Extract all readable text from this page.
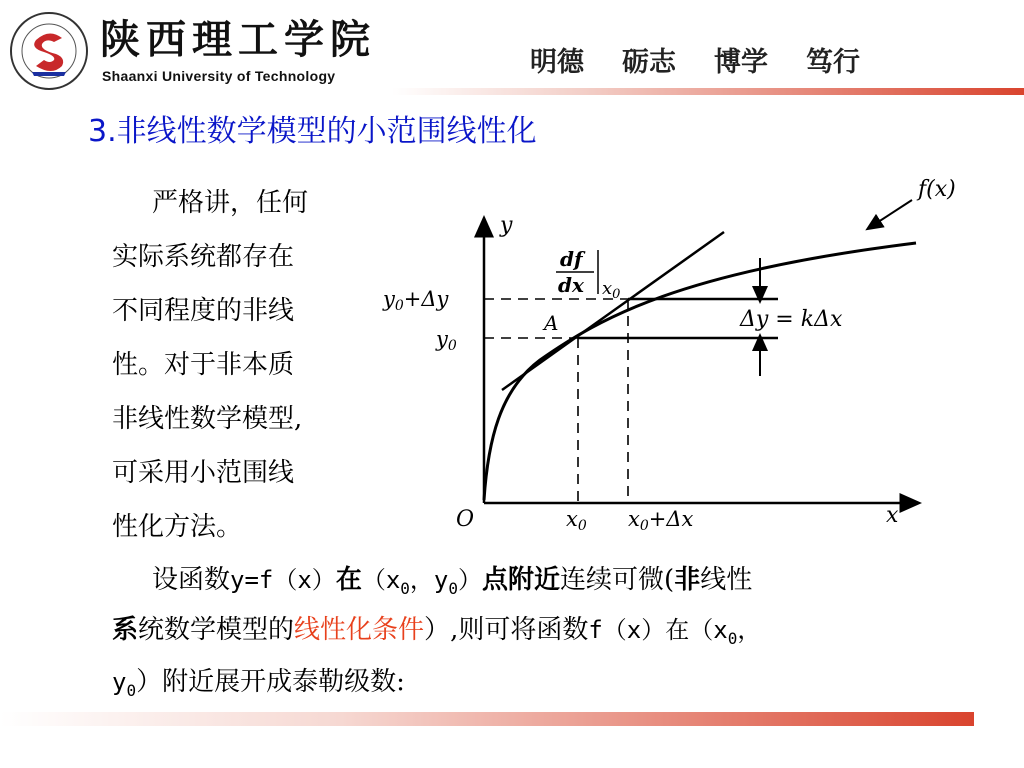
陕西理工学院
Shaanxi University of Technology	明德 砺志 博学 笃行
3.非线性数学模型的小范围线性化
严格讲，任何
实际系统都存在
不同程度的非线
性。对于非本质
非线性数学模型,
可采用小范围线
性化方法。
y
x
O
f(x)
A
y0
y0+Δy
x0 x0+Δx
df
dx $x_0$
Δy = kΔx
设函数y=f（x）在（$x_0$，$y_0$）点附近连续可微(非线性
系统数学模型的线性化条件）,则可将函数f（x）在（$x_0$，
$y_0$）附近展开成泰勒级数:
